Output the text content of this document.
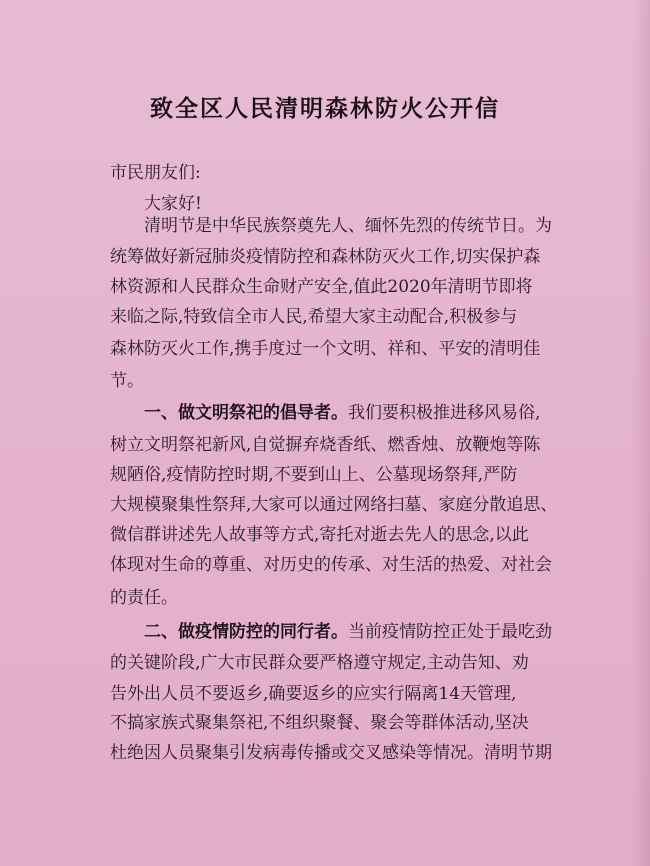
致全区人民清明森林防火公开信
市民朋友们:
大家好!
清明节是中华民族祭奠先人、缅怀先烈的传统节日。为
统筹做好新冠肺炎疫情防控和森林防灭火工作,切实保护森
林资源和人民群众生命财产安全,值此2020年清明节即将
来临之际,特致信全市人民,希望大家主动配合,积极参与
森林防灭火工作,携手度过一个文明、祥和、平安的清明佳
节。
一、做文明祭祀的倡导者。我们要积极推进移风易俗,
树立文明祭祀新风,自觉摒弃烧香纸、燃香烛、放鞭炮等陈
规陋俗,疫情防控时期,不要到山上、公墓现场祭拜,严防
大规模聚集性祭拜,大家可以通过网络扫墓、家庭分散追思、
微信群讲述先人故事等方式,寄托对逝去先人的思念,以此
体现对生命的尊重、对历史的传承、对生活的热爱、对社会
的责任。
二、做疫情防控的同行者。当前疫情防控正处于最吃劲
的关键阶段,广大市民群众要严格遵守规定,主动告知、劝
告外出人员不要返乡,确要返乡的应实行隔离14天管理,
不搞家族式聚集祭祀,不组织聚餐、聚会等群体活动,坚决
杜绝因人员聚集引发病毒传播或交叉感染等情况。清明节期
